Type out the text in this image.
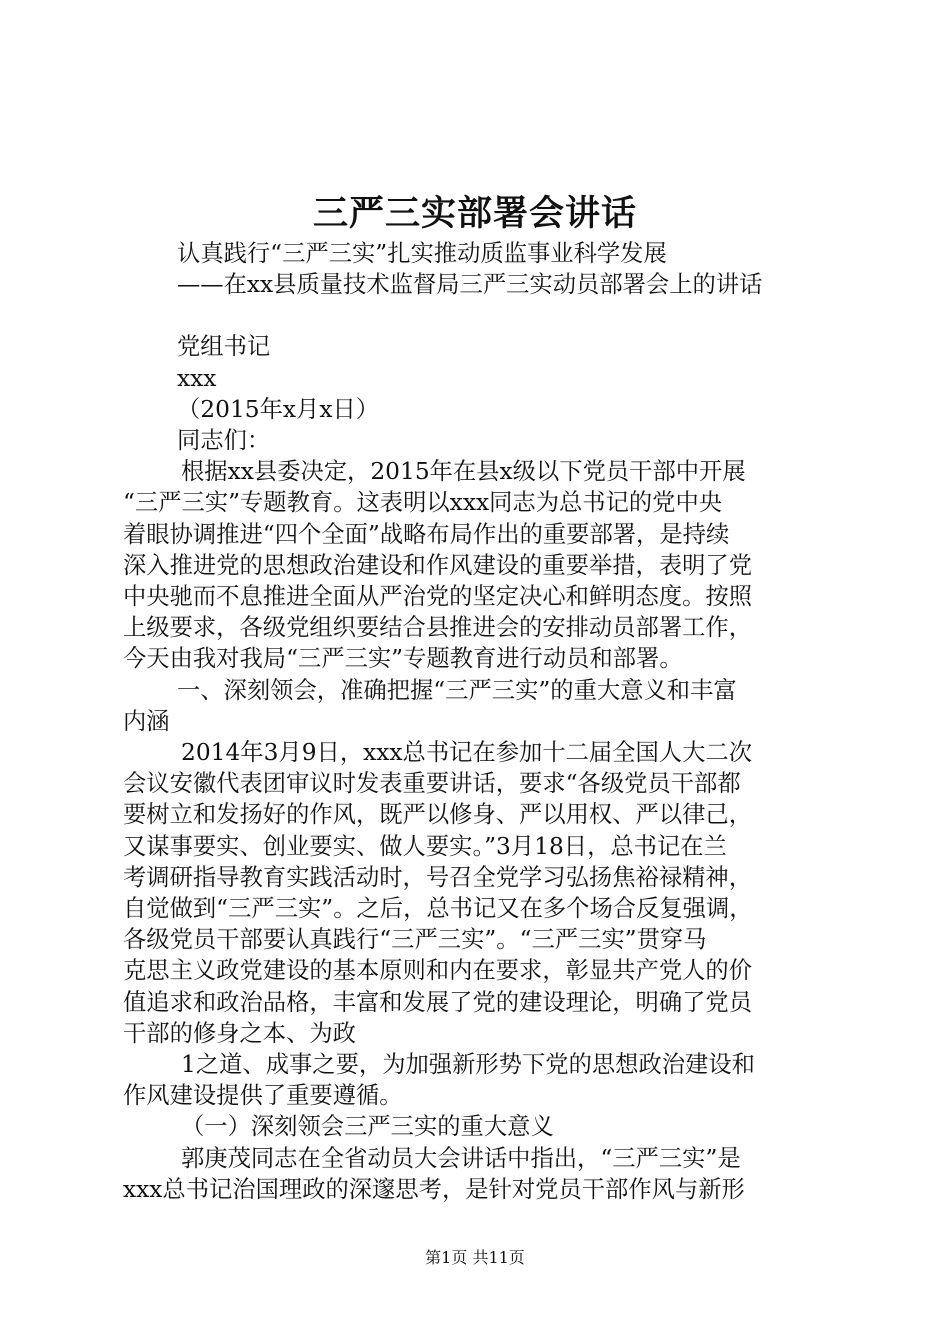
三严三实部署会讲话

认真践行“三严三实”扎实推动质监事业科学发展

——在xx县质量技术监督局三严三实动员部署会上的讲话

党组书记

xxx

（2015年x月x日）

同志们：

根据xx县委决定，2015年在县x级以下党员干部中开展

“三严三实”专题教育。这表明以xxx同志为总书记的党中央

着眼协调推进“四个全面”战略布局作出的重要部署，是持续

深入推进党的思想政治建设和作风建设的重要举措，表明了党

中央驰而不息推进全面从严治党的坚定决心和鲜明态度。按照

上级要求，各级党组织要结合县推进会的安排动员部署工作，

今天由我对我局“三严三实”专题教育进行动员和部署。

一、深刻领会，准确把握“三严三实”的重大意义和丰富

内涵

2014年3月9日，xxx总书记在参加十二届全国人大二次

会议安徽代表团审议时发表重要讲话，要求“各级党员干部都

要树立和发扬好的作风，既严以修身、严以用权、严以律己，

又谋事要实、创业要实、做人要实。”3月18日，总书记在兰

考调研指导教育实践活动时，号召全党学习弘扬焦裕禄精神，

自觉做到“三严三实”。之后，总书记又在多个场合反复强调，

各级党员干部要认真践行“三严三实”。“三严三实”贯穿马

克思主义政党建设的基本原则和内在要求，彰显共产党人的价

值追求和政治品格，丰富和发展了党的建设理论，明确了党员

干部的修身之本、为政

1之道、成事之要，为加强新形势下党的思想政治建设和

作风建设提供了重要遵循。

（一）深刻领会三严三实的重大意义

郭庚茂同志在全省动员大会讲话中指出，“三严三实”是

xxx总书记治国理政的深邃思考，是针对党员干部作风与新形

第1页 共11页
